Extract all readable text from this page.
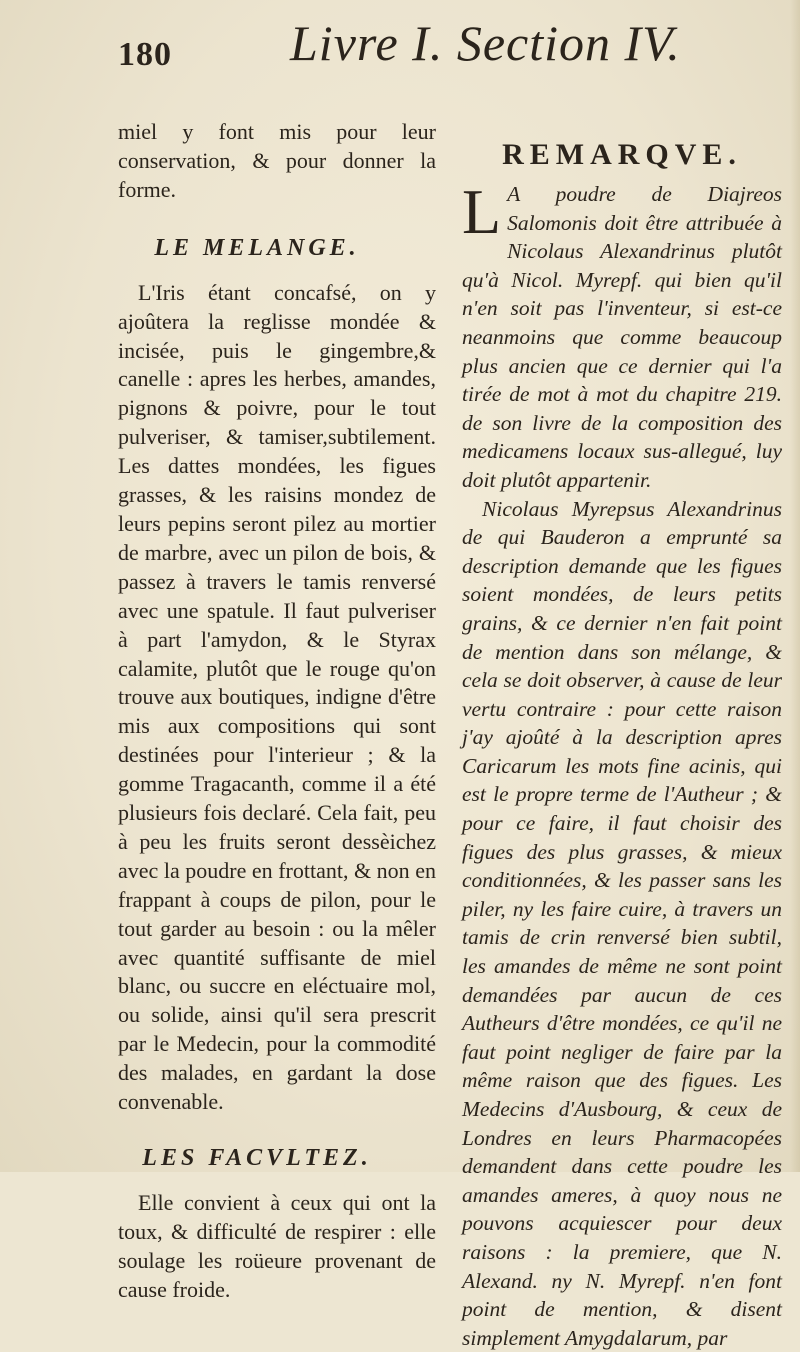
180 Livre I. Section IV.

miel y font mis pour leur conservation, & pour donner la forme.

LE MELANGE.

L'Iris étant concafsé, on y ajoûtera la reglisse mondée & incisée, puis le gingembre,& canelle : apres les herbes, amandes, pignons & poivre, pour le tout pulveriser, & tamiser,subtilement. Les dattes mondées, les figues grasses, & les raisins mondez de leurs pepins seront pilez au mortier de marbre, avec un pilon de bois, & passez à travers le tamis renversé avec une spatule. Il faut pulveriser à part l'amydon, & le Styrax calamite, plutôt que le rouge qu'on trouve aux boutiques, indigne d'être mis aux compositions qui sont destinées pour l'interieur ; & la gomme Tragacanth, comme il a été plusieurs fois declaré. Cela fait, peu à peu les fruits seront dessèichez avec la poudre en frottant, & non en frappant à coups de pilon, pour le tout garder au besoin : ou la mêler avec quantité suffisante de miel blanc, ou succre en eléctuaire mol, ou solide, ainsi qu'il sera prescrit par le Medecin, pour la commodité des malades, en gardant la dose convenable.

LES FACVLTEZ.

Elle convient à ceux qui ont la toux, & difficulté de respirer : elle soulage les roüeure provenant de cause froide.

REMARQVE.

L A poudre de Diajreos Salomonis doit être attribuée à Nicolaus Alexandrinus plutôt qu'à Nicol. Myrepf. qui bien qu'il n'en soit pas l'inventeur, si est-ce neanmoins que comme beaucoup plus ancien que ce dernier qui l'a tirée de mot à mot du chapitre 219. de son livre de la composition des medicamens locaux sus-allegué, luy doit plutôt appartenir.

Nicolaus Myrepsus Alexandrinus de qui Bauderon a emprunté sa description demande que les figues soient mondées, de leurs petits grains, & ce dernier n'en fait point de mention dans son mélange, & cela se doit observer, à cause de leur vertu contraire : pour cette raison j'ay ajoûté à la description apres Caricarum les mots fine acinis, qui est le propre terme de l'Autheur ; & pour ce faire, il faut choisir des figues des plus grasses, & mieux conditionnées, & les passer sans les piler, ny les faire cuire, à travers un tamis de crin renversé bien subtil, les amandes de même ne sont point demandées par aucun de ces Autheurs d'être mondées, ce qu'il ne faut point negliger de faire par la même raison que des figues. Les Medecins d'Ausbourg, & ceux de Londres en leurs Pharmacopées demandent dans cette poudre les amandes ameres, à quoy nous ne pouvons acquiescer pour deux raisons : la premiere, que N. Alexand. ny N. Myrepf. n'en font point de mention, & disent simplement Amygdalarum, par
